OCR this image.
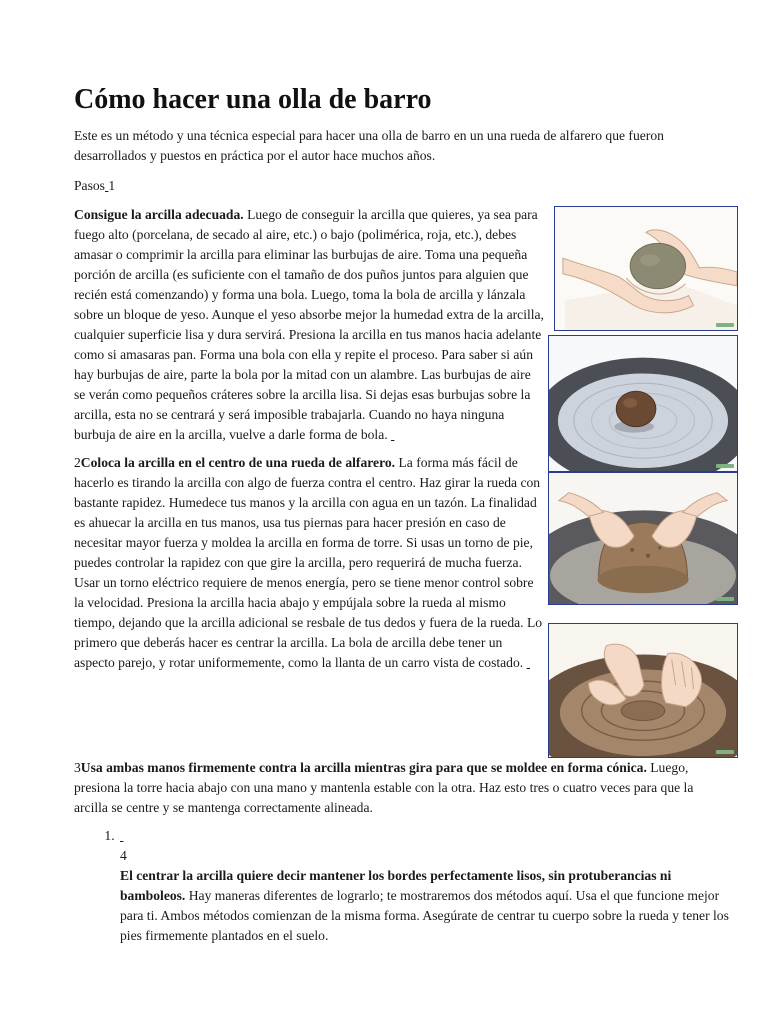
Cómo hacer una olla de barro

Este es un método y una técnica especial para hacer una olla de barro en un una rueda de alfarero que fueron desarrollados y puestos en práctica por el autor hace muchos años.

Pasos 1

Consigue la arcilla adecuada. Luego de conseguir la arcilla que quieres, ya sea para fuego alto (porcelana, de secado al aire, etc.) o bajo (polimérica, roja, etc.), debes amasar o comprimir la arcilla para eliminar las burbujas de aire. Toma una pequeña porción de arcilla (es suficiente con el tamaño de dos puños juntos para alguien que recién está comenzando) y forma una bola. Luego, toma la bola de arcilla y lánzala sobre un bloque de yeso. Aunque el yeso absorbe mejor la humedad extra de la arcilla, cualquier superficie lisa y dura servirá. Presiona la arcilla en tus manos hacia adelante como si amasaras pan. Forma una bola con ella y repite el proceso. Para saber si aún hay burbujas de aire, parte la bola por la mitad con un alambre. Las burbujas de aire se verán como pequeños cráteres sobre la arcilla lisa. Si dejas esas burbujas sobre la arcilla, esta no se centrará y será imposible trabajarla. Cuando no haya ninguna burbuja de aire en la arcilla, vuelve a darle forma de bola.

2Coloca la arcilla en el centro de una rueda de alfarero. La forma más fácil de hacerlo es tirando la arcilla con algo de fuerza contra el centro. Haz girar la rueda con bastante rapidez. Humedece tus manos y la arcilla con agua en un tazón. La finalidad es ahuecar la arcilla en tus manos, usa tus piernas para hacer presión en caso de necesitar mayor fuerza y moldea la arcilla en forma de torre. Si usas un torno de pie, puedes controlar la rapidez con que gire la arcilla, pero requerirá de mucha fuerza. Usar un torno eléctrico requiere de menos energía, pero se tiene menor control sobre la velocidad. Presiona la arcilla hacia abajo y empújala sobre la rueda al mismo tiempo, dejando que la arcilla adicional se resbale de tus dedos y fuera de la rueda. Lo primero que deberás hacer es centrar la arcilla. La bola de arcilla debe tener un aspecto parejo, y rotar uniformemente, como la llanta de un carro vista de costado.

3Usa ambas manos firmemente contra la arcilla mientras gira para que se moldee en forma cónica. Luego, presiona la torre hacia abajo con una mano y mantenla estable con la otra. Haz esto tres o cuatro veces para que la arcilla se centre y se mantenga correctamente alineada.

1. 4
El centrar la arcilla quiere decir mantener los bordes perfectamente lisos, sin protuberancias ni bamboleos. Hay maneras diferentes de lograrlo; te mostraremos dos métodos aquí. Usa el que funcione mejor para ti. Ambos métodos comienzan de la misma forma. Asegúrate de centrar tu cuerpo sobre la rueda y tener los pies firmemente plantados en el suelo.
